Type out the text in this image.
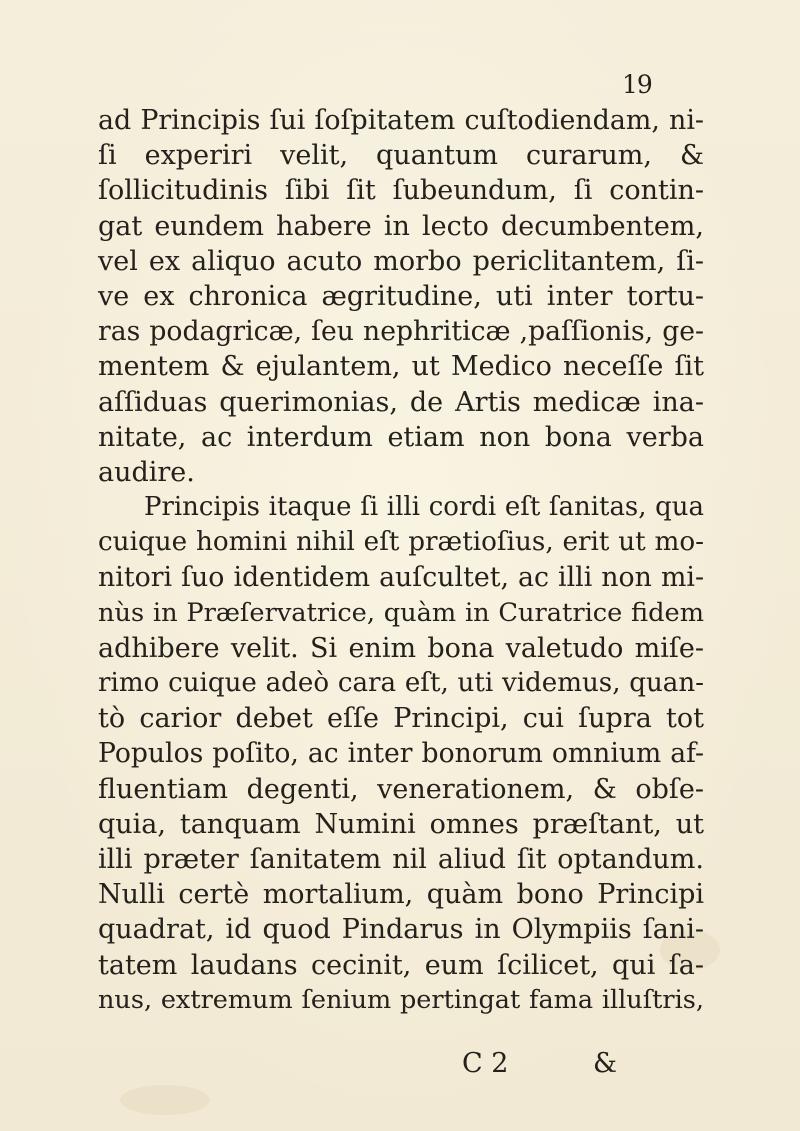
19
ad Principis ſui ſoſpitatem cuſtodiendam, ni-
ſi experiri velit, quantum curarum, &
ſollicitudinis ſibi ſit ſubeundum, ſi contin-
gat eundem habere in lecto decumbentem,
vel ex aliquo acuto morbo periclitantem, ſi-
ve ex chronica ægritudine, uti inter tortu-
ras podagricæ, ſeu nephriticæ ,paſſionis, ge-
mentem & ejulantem, ut Medico neceſſe ſit
aſſiduas querimonias, de Artis medicæ ina-
nitate, ac interdum etiam non bona verba
audire.
Principis itaque ſi illi cordi eſt ſanitas, qua
cuique homini nihil eſt prætioſius, erit ut mo-
nitori ſuo identidem auſcultet, ac illi non mi-
nùs in Præſervatrice, quàm in Curatrice fidem
adhibere velit. Si enim bona valetudo miſe-
rimo cuique adeò cara eſt, uti videmus, quan-
tò carior debet eſſe Principi, cui ſupra tot
Populos poſito, ac inter bonorum omnium af-
fluentiam degenti, venerationem, & obſe-
quia, tanquam Numini omnes præſtant, ut
illi præter ſanitatem nil aliud ſit optandum.
Nulli certè mortalium, quàm bono Principi
quadrat, id quod Pindarus in Olympiis ſani-
tatem laudans cecinit, eum ſcilicet, qui ſa-
nus, extremum ſenium pertingat fama illuſtris,
C 2	&
